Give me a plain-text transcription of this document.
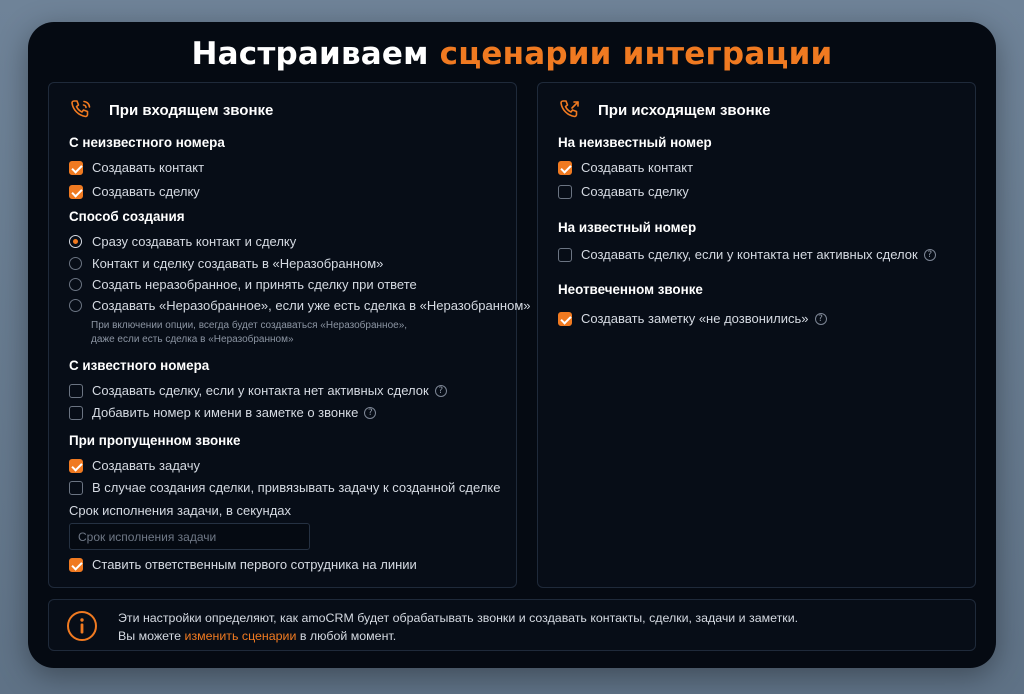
Настраиваем сценарии интеграции
При входящем звонке
С неизвестного номера
Создавать контакт
Создавать сделку
Способ создания
Сразу создавать контакт и сделку
Контакт и сделку создавать в «Неразобранном»
Создать неразобранное, и принять сделку при ответе
Создавать «Неразобранное», если уже есть сделка в «Неразобранном»
При включении опции, всегда будет создаваться «Неразобранное»,
даже если есть сделка в «Неразобранном»
С известного номера
Создавать сделку, если у контакта нет активных сделок	?
Добавить номер к имени в заметке о звонке	?
При пропущенном звонке
Создавать задачу
В случае создания сделки, привязывать задачу к созданной сделке
Срок исполнения задачи, в секундах
Срок исполнения задачи
Ставить ответственным первого сотрудника на линии
При исходящем звонке
На неизвестный номер
Создавать контакт
Создавать сделку
На известный номер
Создавать сделку, если у контакта нет активных сделок	?
Неотвеченном звонке
Создавать заметку «не дозвонились»	?
Эти настройки определяют, как amoCRM будет обрабатывать звонки и создавать контакты, сделки, задачи и заметки.
Вы можете изменить сценарии в любой момент.
